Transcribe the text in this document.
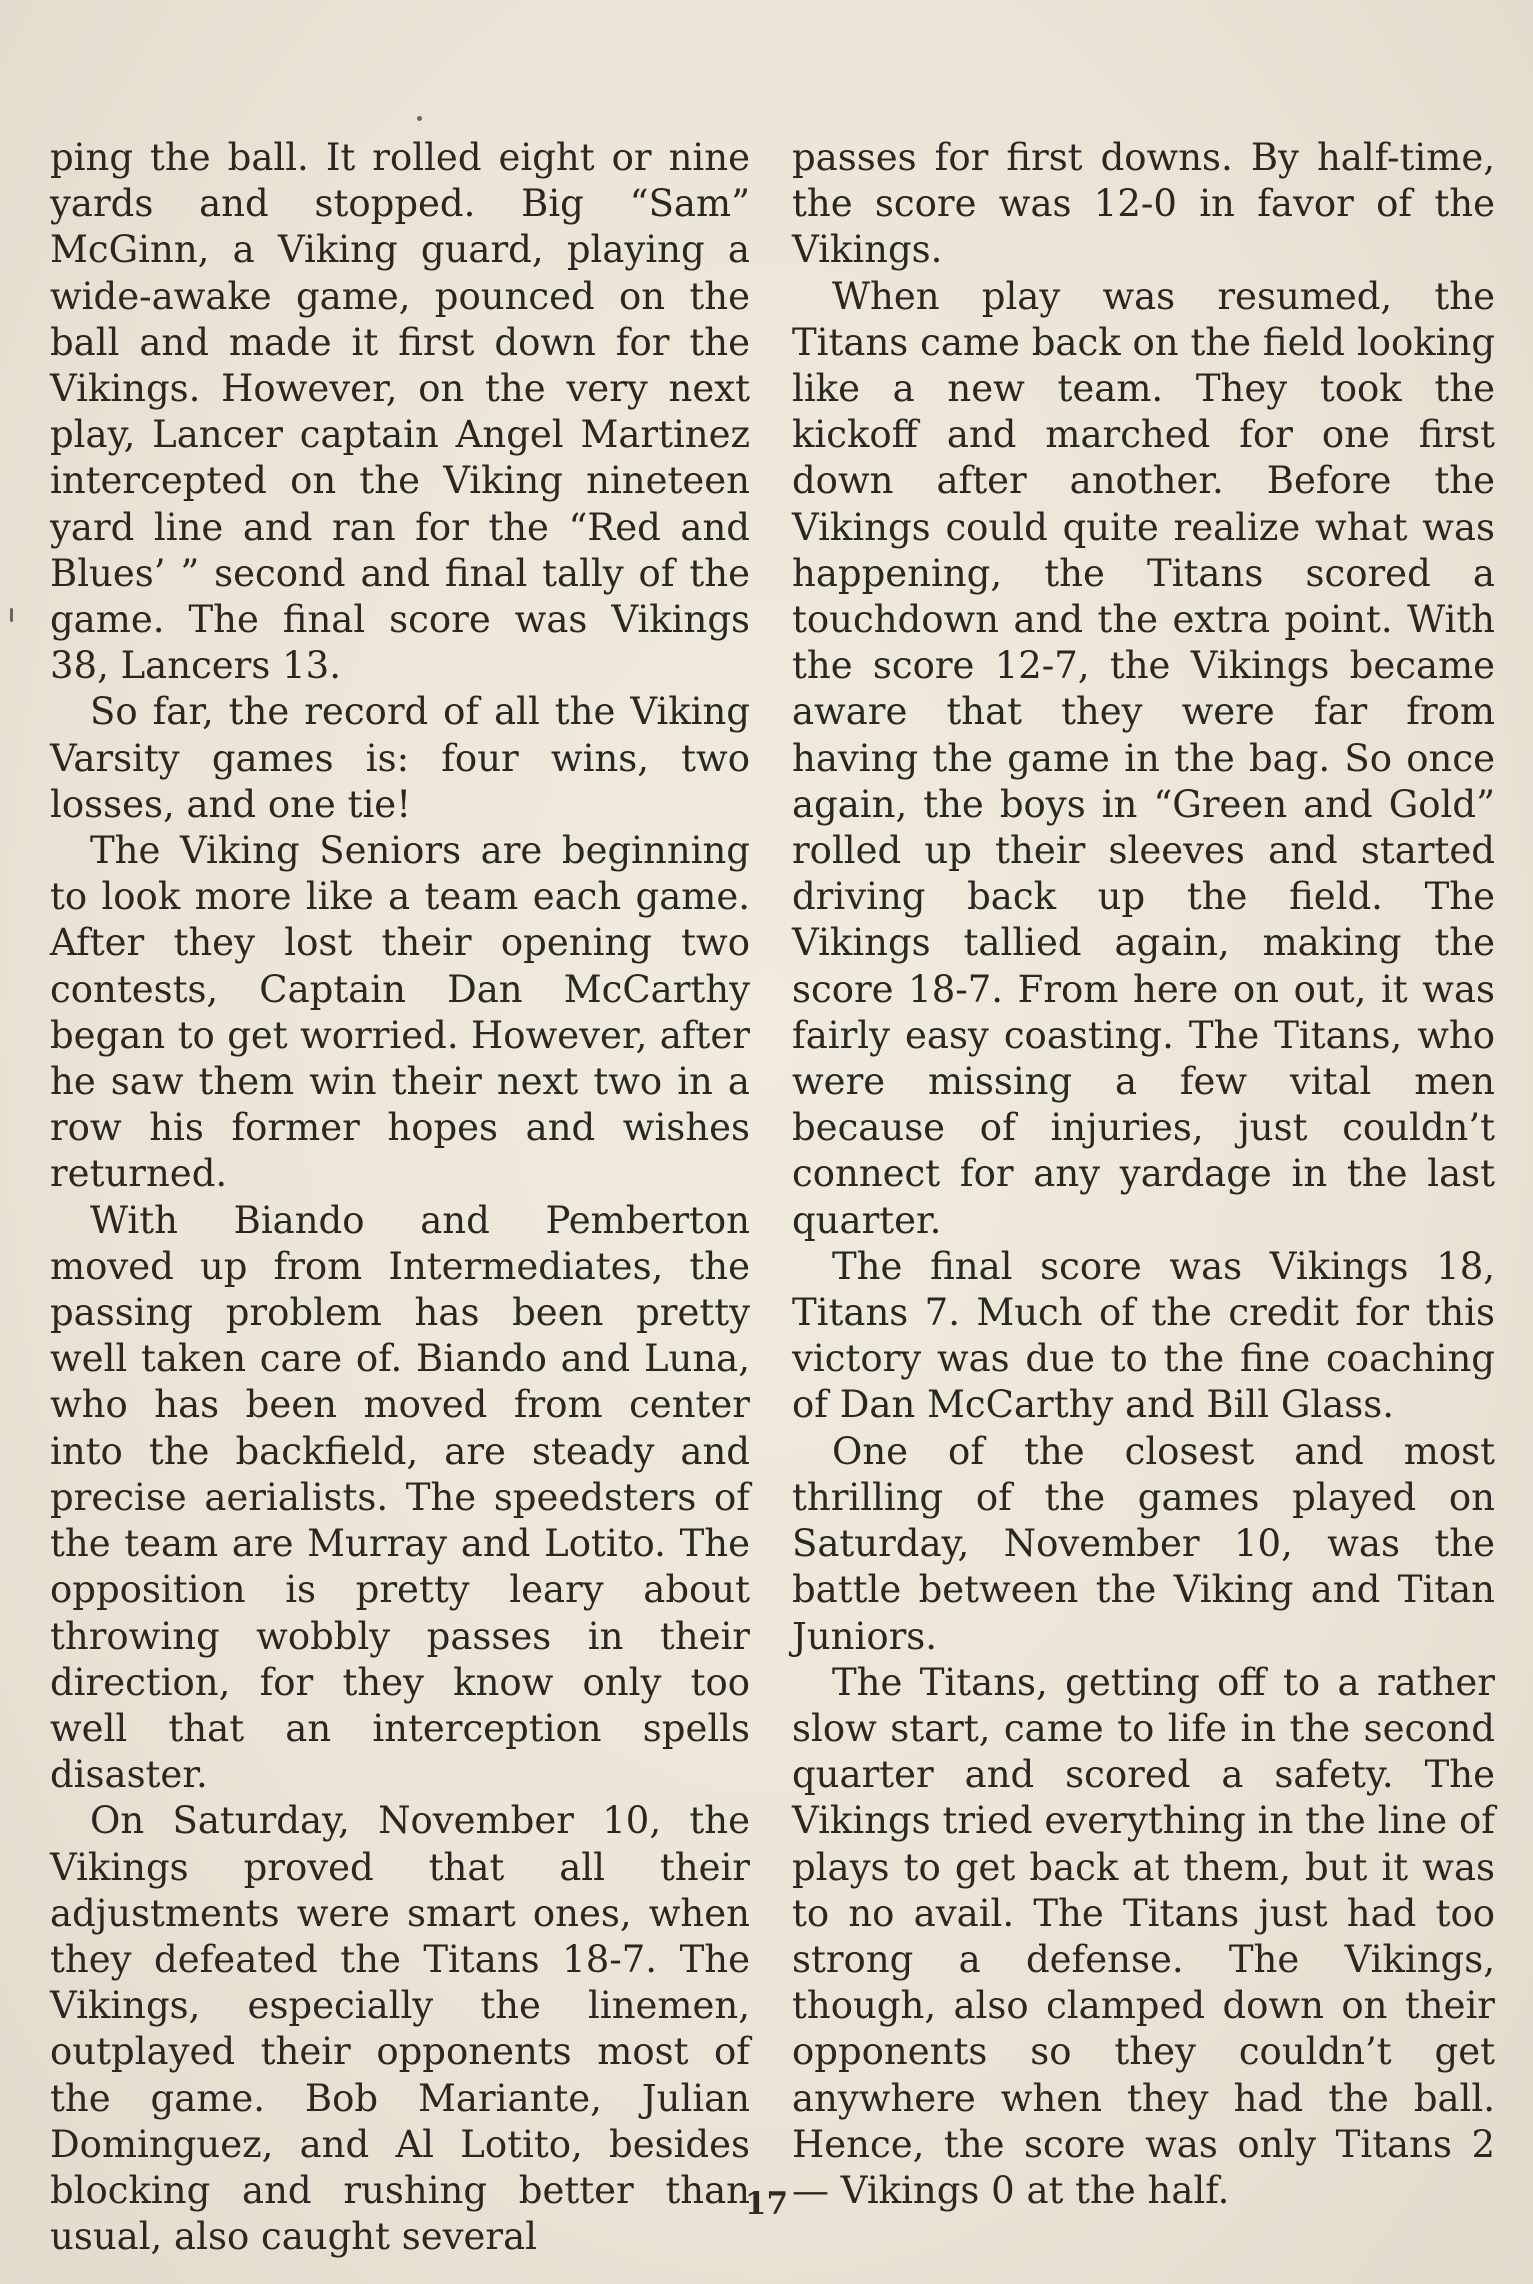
ping the ball. It rolled eight or nine yards and stopped. Big “Sam” McGinn, a Viking guard, playing a wide-awake game, pounced on the ball and made it first down for the Vikings. However, on the very next play, Lancer captain Angel Martinez intercepted on the Viking nineteen yard line and ran for the “Red and Blues’ ” second and final tally of the game. The final score was Vikings 38, Lancers 13.

So far, the record of all the Viking Varsity games is: four wins, two losses, and one tie!

The Viking Seniors are beginning to look more like a team each game. After they lost their opening two contests, Captain Dan McCarthy began to get worried. However, after he saw them win their next two in a row his former hopes and wishes returned.

With Biando and Pemberton moved up from Intermediates, the passing problem has been pretty well taken care of. Biando and Luna, who has been moved from center into the backfield, are steady and precise aerialists. The speedsters of the team are Murray and Lotito. The opposition is pretty leary about throwing wobbly passes in their direction, for they know only too well that an interception spells disaster.

On Saturday, November 10, the Vikings proved that all their adjustments were smart ones, when they defeated the Titans 18-7. The Vikings, especially the linemen, outplayed their opponents most of the game. Bob Mariante, Julian Dominguez, and Al Lotito, besides blocking and rushing better than usual, also caught several

passes for first downs. By half-time, the score was 12-0 in favor of the Vikings.

When play was resumed, the Titans came back on the field looking like a new team. They took the kickoff and marched for one first down after another. Before the Vikings could quite realize what was happening, the Titans scored a touchdown and the extra point. With the score 12-7, the Vikings became aware that they were far from having the game in the bag. So once again, the boys in “Green and Gold” rolled up their sleeves and started driving back up the field. The Vikings tallied again, making the score 18-7. From here on out, it was fairly easy coasting. The Titans, who were missing a few vital men because of injuries, just couldn’t connect for any yardage in the last quarter.

The final score was Vikings 18, Titans 7. Much of the credit for this victory was due to the fine coaching of Dan McCarthy and Bill Glass.

One of the closest and most thrilling of the games played on Saturday, November 10, was the battle between the Viking and Titan Juniors.

The Titans, getting off to a rather slow start, came to life in the second quarter and scored a safety. The Vikings tried everything in the line of plays to get back at them, but it was to no avail. The Titans just had too strong a defense. The Vikings, though, also clamped down on their opponents so they couldn’t get anywhere when they had the ball. Hence, the score was only Titans 2 — Vikings 0 at the half.

17
